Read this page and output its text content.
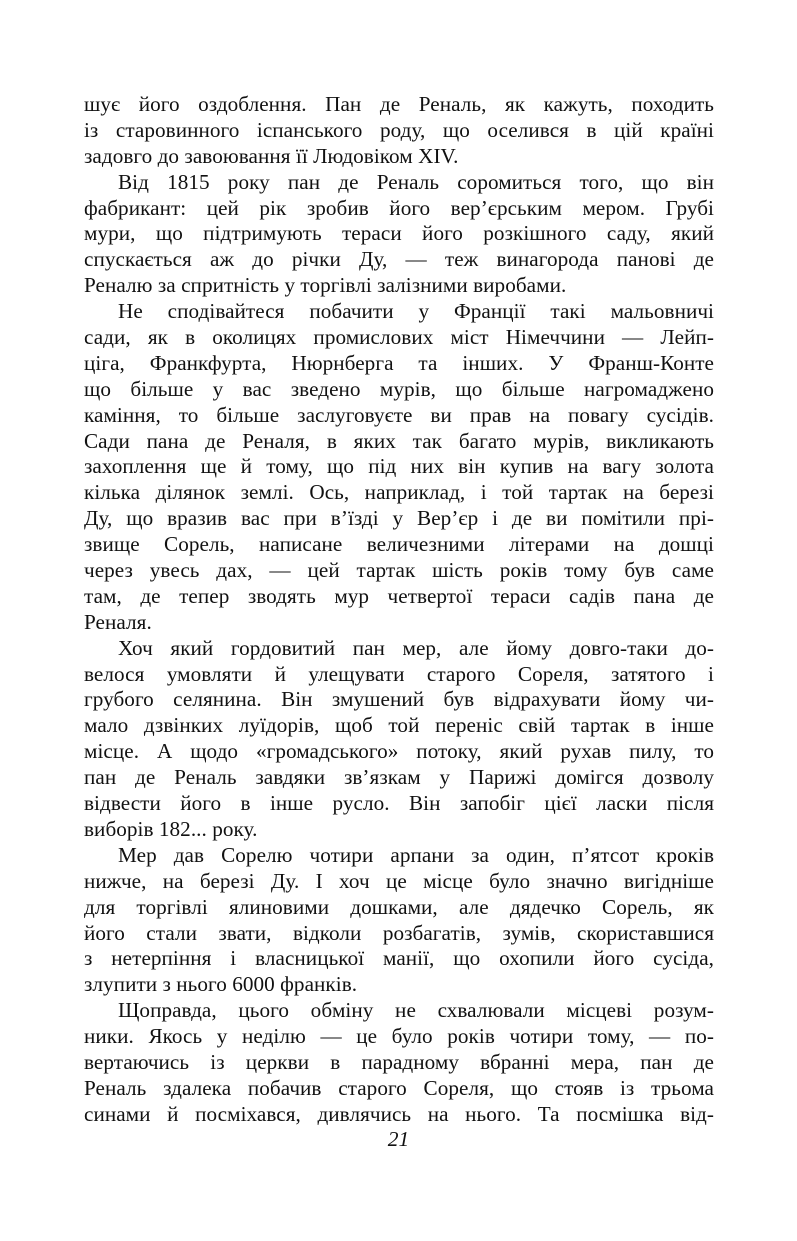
шує його оздоблення. Пан де Реналь, як кажуть, походить
із старовинного іспанського роду, що оселився в цій країні
задовго до завоювання її Людовіком XIV.
Від 1815 року пан де Реналь соромиться того, що він
фабрикант: цей рік зробив його вер’єрським мером. Грубі
мури, що підтримують тераси його розкішного саду, який
спускається аж до річки Ду, — теж винагорода панові де
Реналю за спритність у торгівлі залізними виробами.
Не сподівайтеся побачити у Франції такі мальовничі
сади, як в околицях промислових міст Німеччини — Лейп-
ціга, Франкфурта, Нюрнберга та інших. У Франш-Конте
що більше у вас зведено мурів, що більше нагромаджено
каміння, то більше заслуговуєте ви прав на повагу сусідів.
Сади пана де Реналя, в яких так багато мурів, викликають
захоплення ще й тому, що під них він купив на вагу золота
кілька ділянок землі. Ось, наприклад, і той тартак на березі
Ду, що вразив вас при в’їзді у Вер’єр і де ви помітили прі-
звище Сорель, написане величезними літерами на дошці
через увесь дах, — цей тартак шість років тому був саме
там, де тепер зводять мур четвертої тераси садів пана де
Реналя.
Хоч який гордовитий пан мер, але йому довго-таки до-
велося умовляти й улещувати старого Сореля, затятого і
грубого селянина. Він змушений був відрахувати йому чи-
мало дзвінких луїдорів, щоб той переніс свій тартак в інше
місце. А щодо «громадського» потоку, який рухав пилу, то
пан де Реналь завдяки зв’язкам у Парижі домігся дозволу
відвести його в інше русло. Він запобіг цієї ласки після
виборів 182... року.
Мер дав Сорелю чотири арпани за один, п’ятсот кроків
нижче, на березі Ду. І хоч це місце було значно вигідніше
для торгівлі ялиновими дошками, але дядечко Сорель, як
його стали звати, відколи розбагатів, зумів, скориставшися
з нетерпіння і власницької манії, що охопили його сусіда,
злупити з нього 6000 франків.
Щоправда, цього обміну не схвалювали місцеві розум-
ники. Якось у неділю — це було років чотири тому, — по-
вертаючись із церкви в парадному вбранні мера, пан де
Реналь здалека побачив старого Сореля, що стояв із трьома
синами й посміхався, дивлячись на нього. Та посмішка від-
21
